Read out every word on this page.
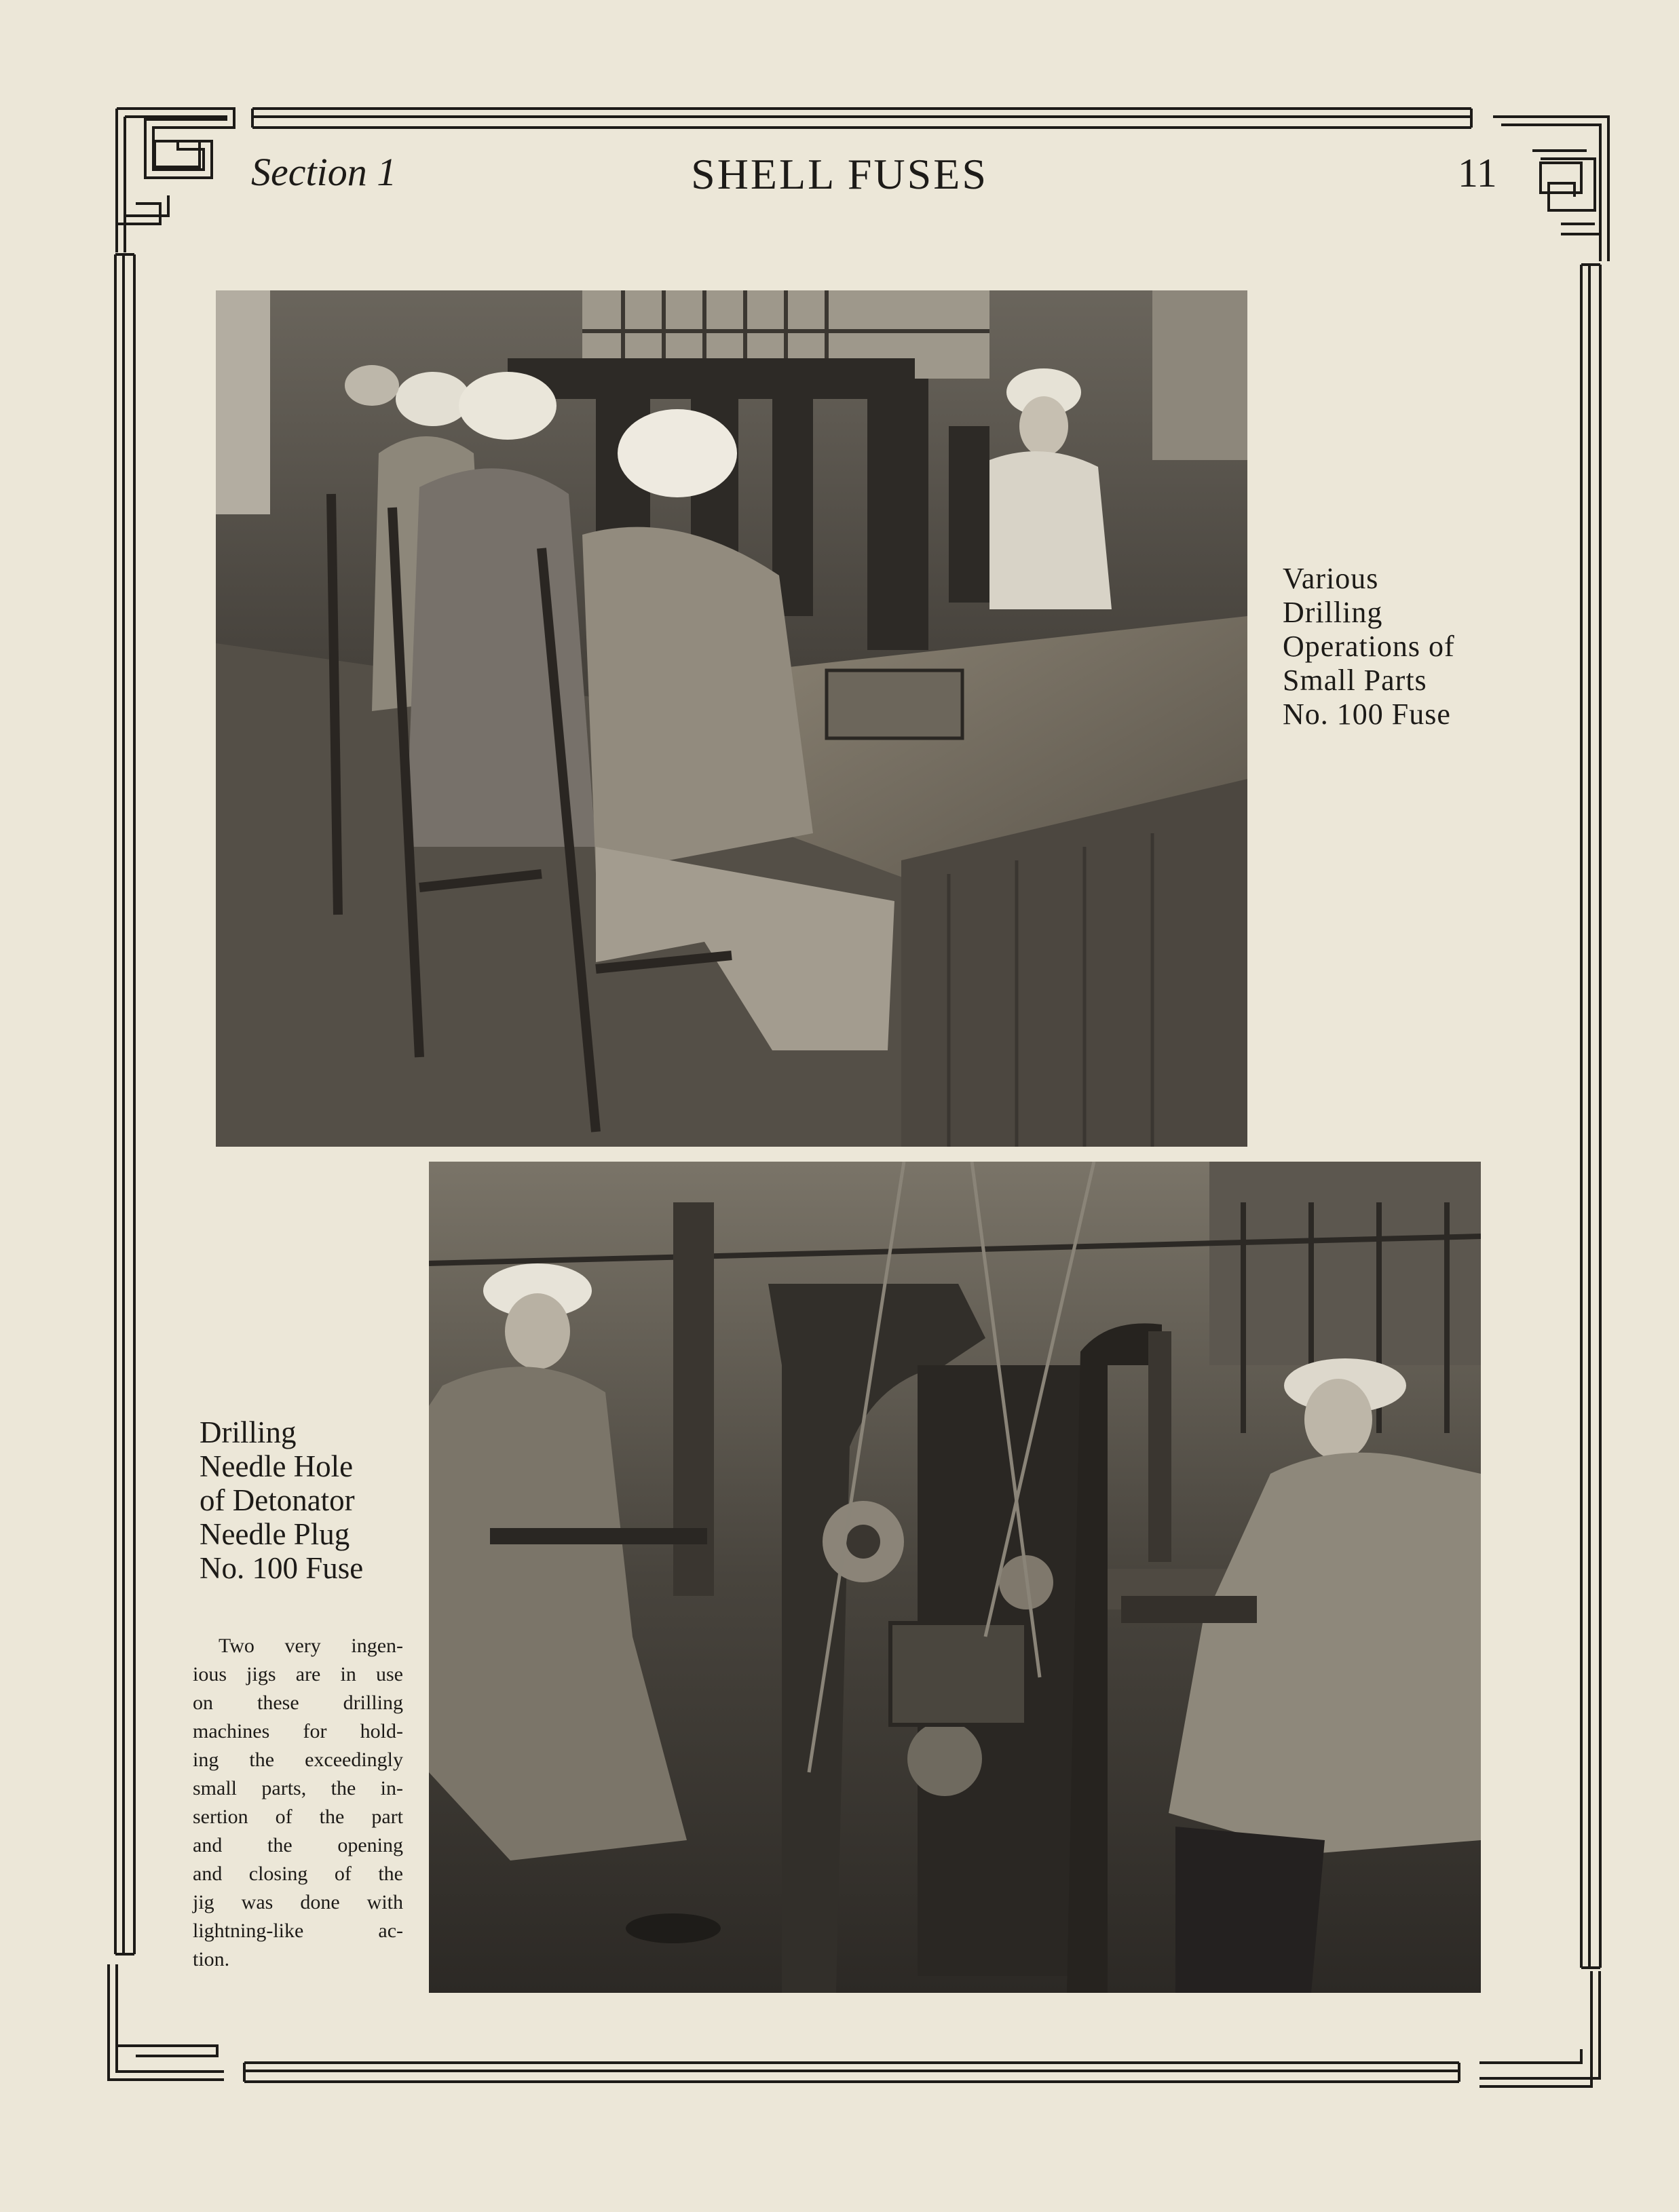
Section 1	SHELL FUSES	11
Various
Drilling
Operations of
Small Parts
No. 100 Fuse
Drilling
Needle Hole
of Detonator
Needle Plug
No. 100 Fuse
Two very ingen-
ious jigs are in use
on these drilling
machines for hold-
ing the exceedingly
small parts, the in-
sertion of the part
and the opening
and closing of the
jig was done with
lightning-like ac-
tion.
